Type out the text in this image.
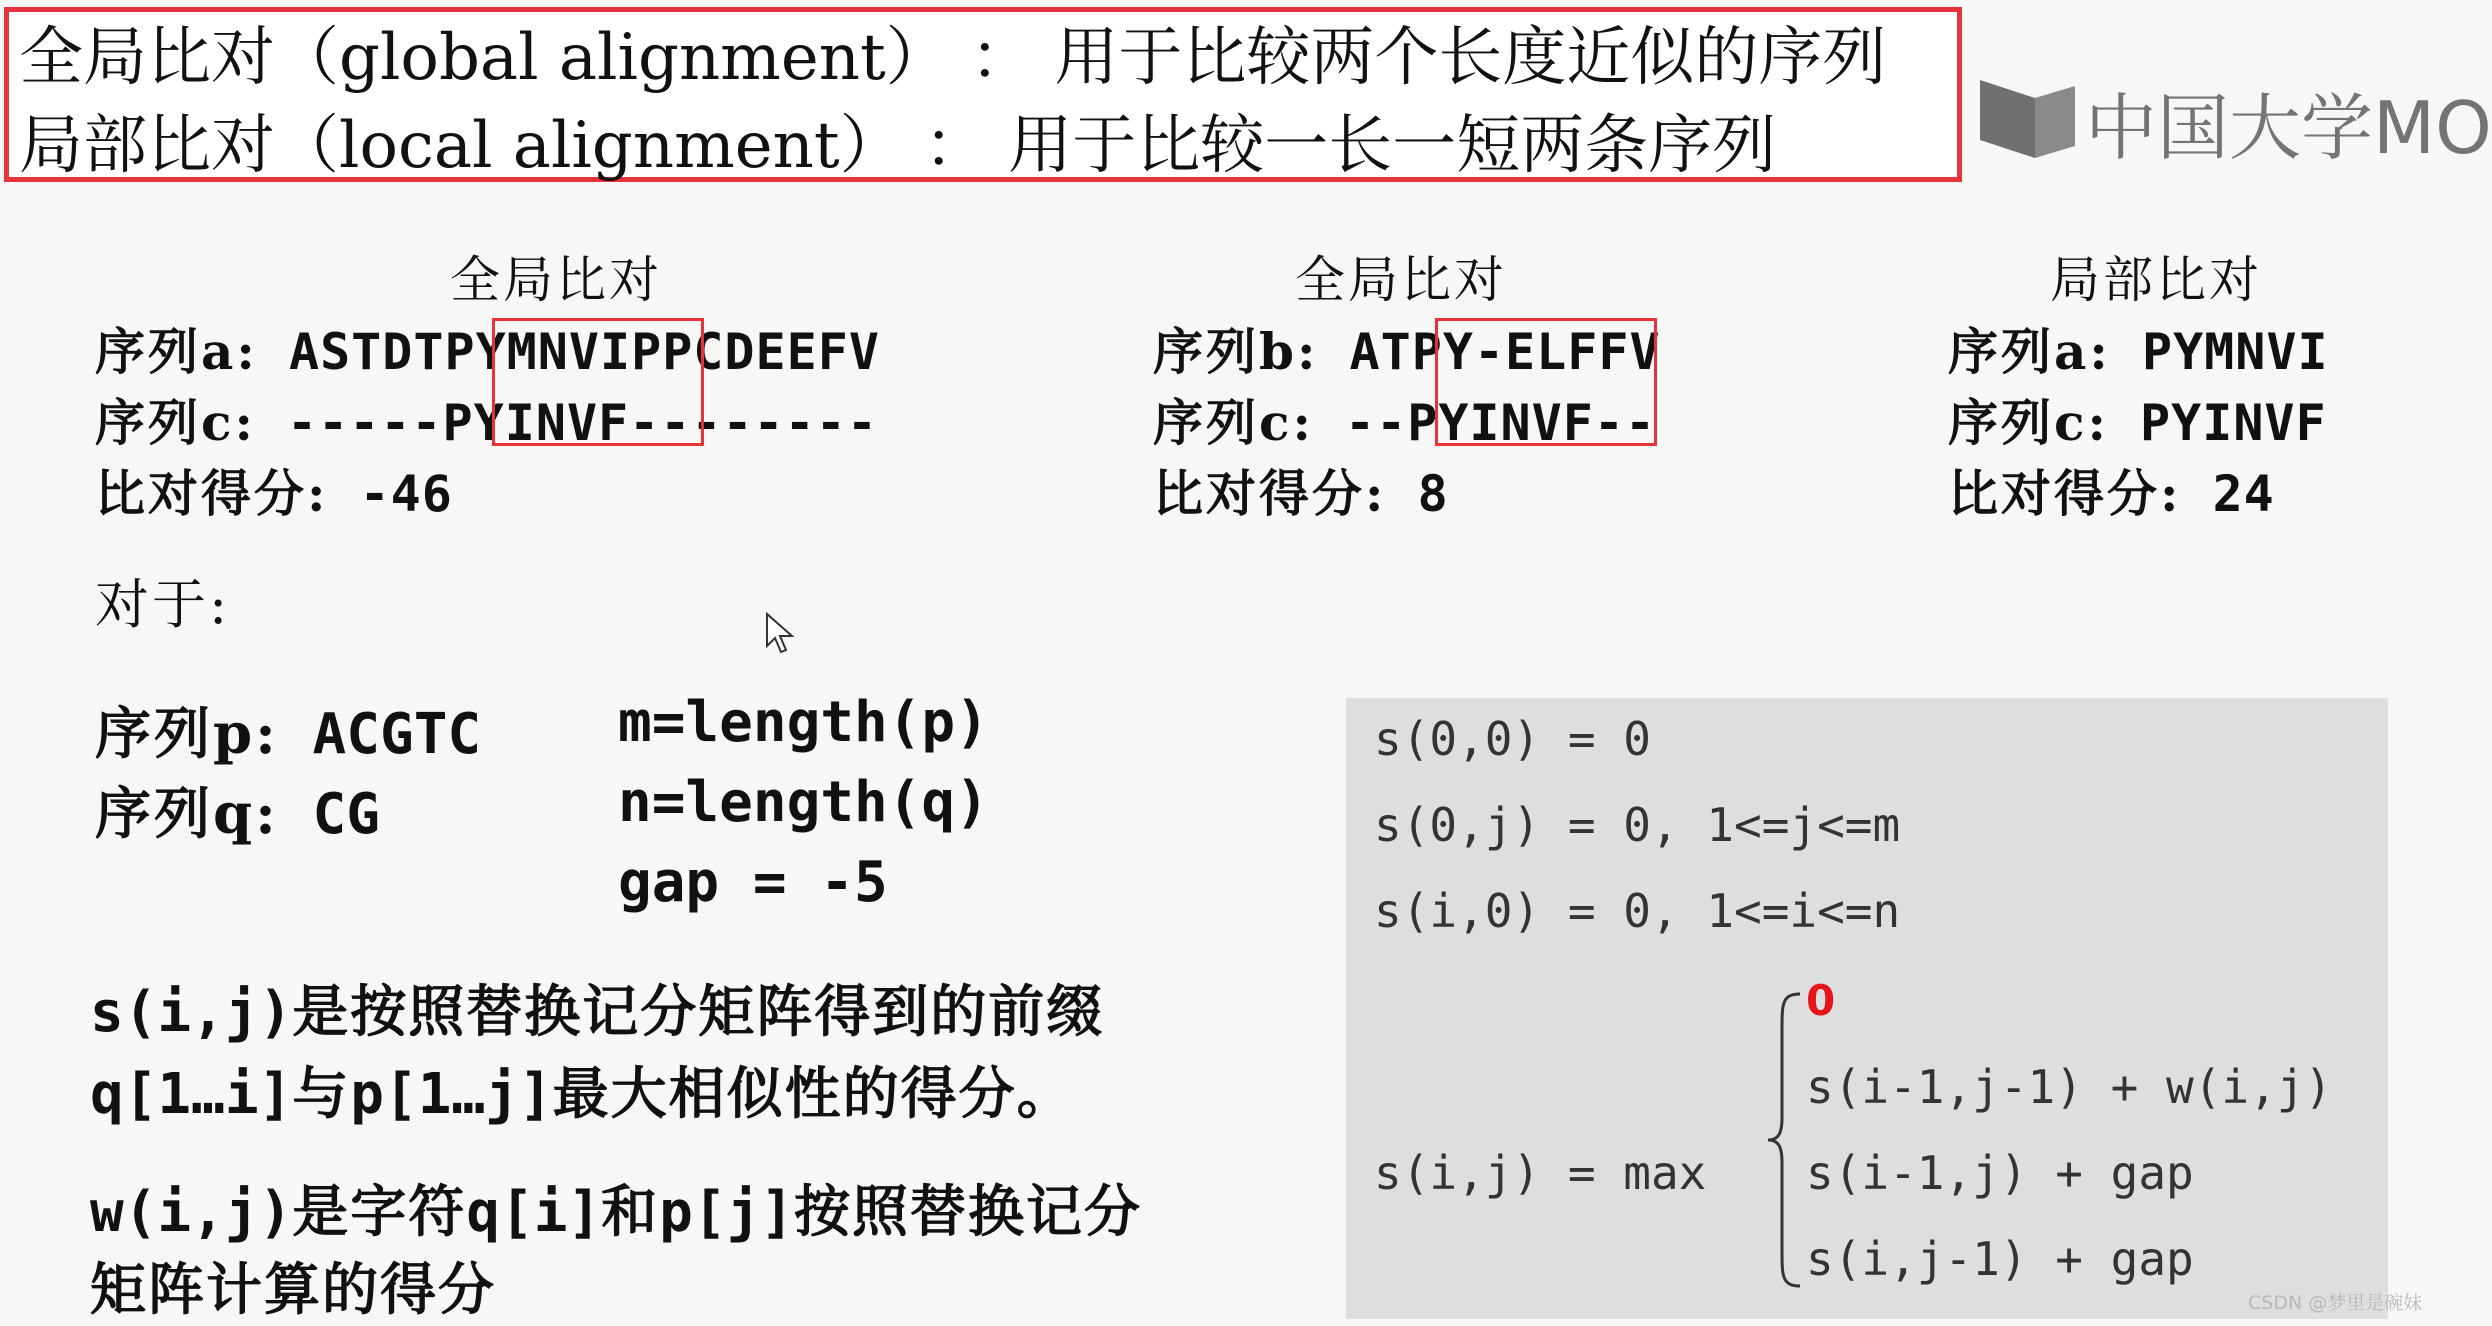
全局比对（global alignment） ： 用于比较两个长度近似的序列
局部比对（local alignment） ： 用于比较一长一短两条序列	中国大学MO
全局比对
序列a: ASTDTPYMNVIPPCDEEFV
序列c: -----PYINVF--------
比对得分: -46
全局比对
序列b: ATPY-ELFFV
序列c: --PYINVF--
比对得分: 8
局部比对
序列a: PYMNVI
序列c: PYINVF
比对得分: 24
对于:
序列p: ACGTC
序列q: CG
m=length(p)
n=length(q)
gap = -5
s(i,j)是按照替换记分矩阵得到的前缀
q[1…i]与p[1…j]最大相似性的得分。
w(i,j)是字符q[i]和p[j]按照替换记分
矩阵计算的得分
s(0,0) = 0
s(0,j) = 0, 1<=j<=m
s(i,0) = 0, 1<=i<=n
s(i,j) = max
0
s(i-1,j-1) + w(i,j)
s(i-1,j) + gap
s(i,j-1) + gap
CSDN @梦里是碗妹
